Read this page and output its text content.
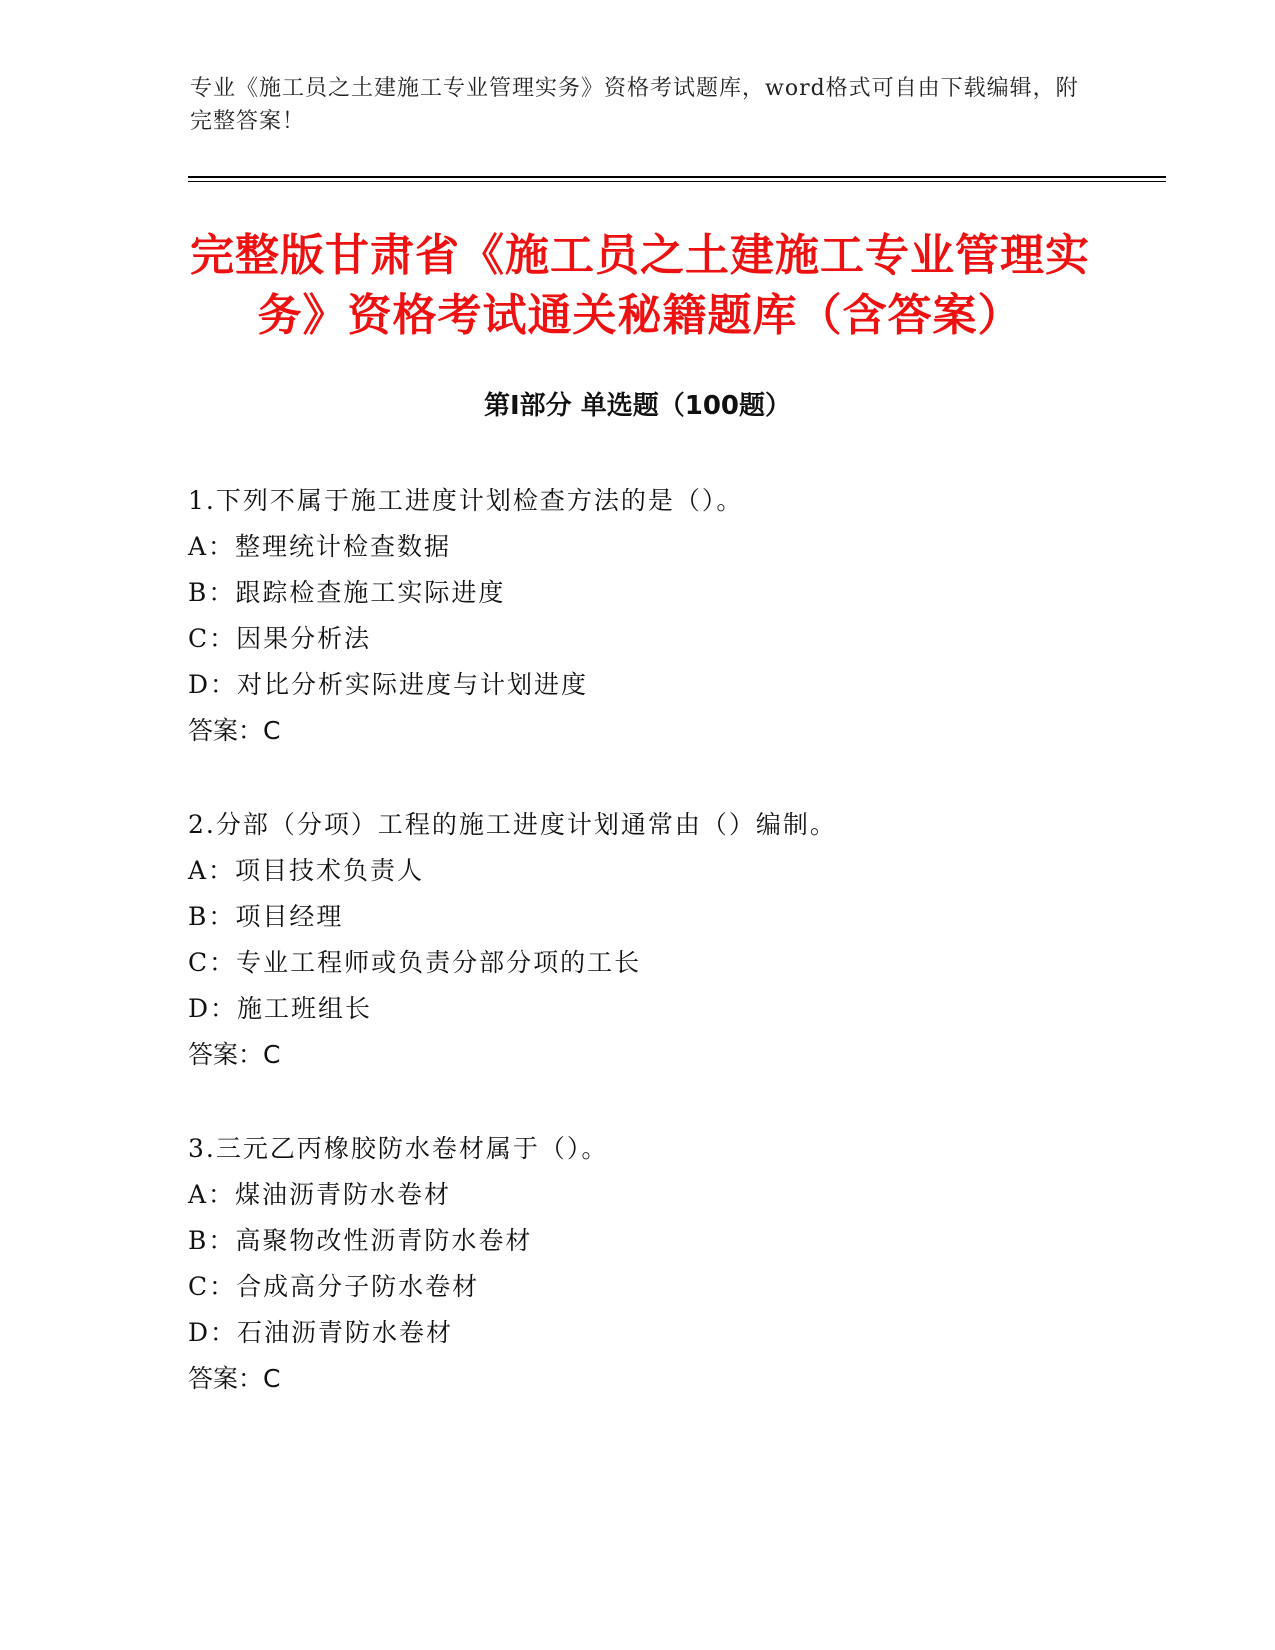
专业《施工员之土建施工专业管理实务》资格考试题库，word格式可自由下载编辑，附完整答案！
完整版甘肃省《施工员之土建施工专业管理实务》资格考试通关秘籍题库（含答案）
第Ⅰ部分 单选题（100题）
1.下列不属于施工进度计划检查方法的是（）。
A：整理统计检查数据
B：跟踪检查施工实际进度
C：因果分析法
D：对比分析实际进度与计划进度
答案：C
2.分部（分项）工程的施工进度计划通常由（）编制。
A：项目技术负责人
B：项目经理
C：专业工程师或负责分部分项的工长
D：施工班组长
答案：C
3.三元乙丙橡胶防水卷材属于（）。
A：煤油沥青防水卷材
B：高聚物改性沥青防水卷材
C：合成高分子防水卷材
D：石油沥青防水卷材
答案：C
